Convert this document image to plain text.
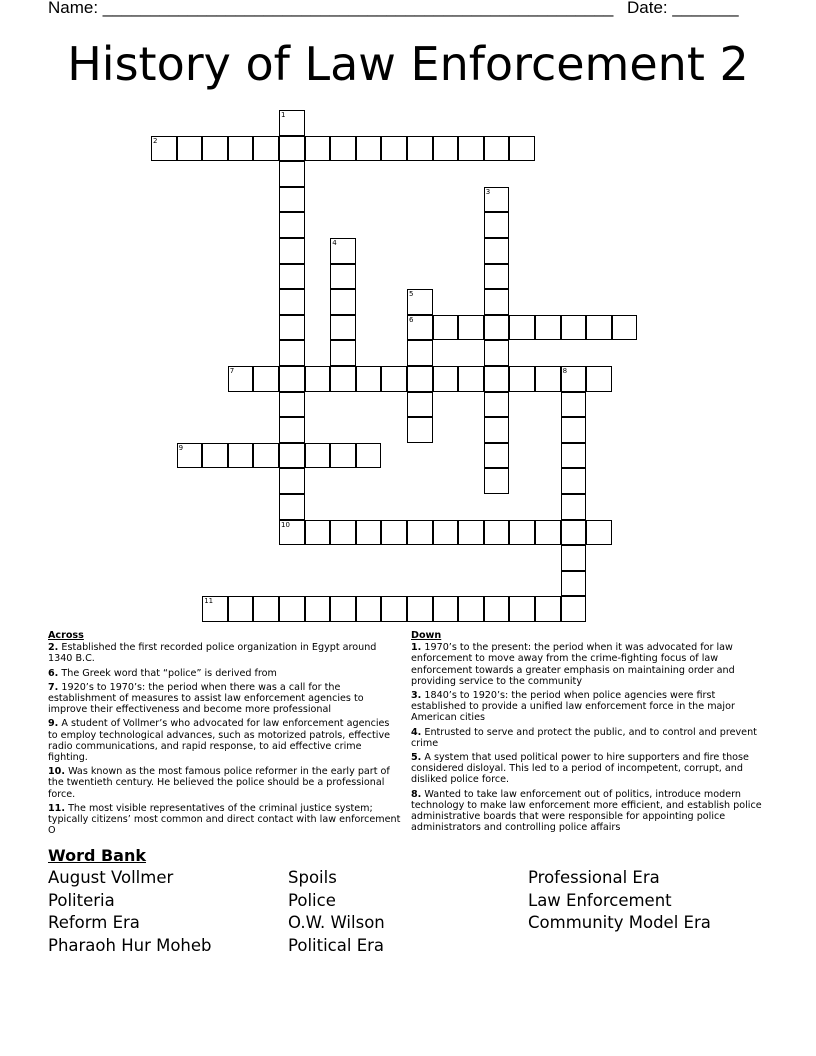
Name: ______________________________________________________ Date: _______
History of Law Enforcement 2
1
10
2
3
4
5
6
7	8
9
11
Across
2. Established the first recorded police organization in Egypt around 1340 B.C.
6. The Greek word that “police” is derived from
7. 1920’s to 1970’s: the period when there was a call for the establishment of measures to assist law enforcement agencies to improve their effectiveness and become more professional
9. A student of Vollmer’s who advocated for law enforcement agencies to employ technological advances, such as motorized patrols, effective radio communications, and rapid response, to aid effective crime fighting.
10. Was known as the most famous police reformer in the early part of the twentieth century. He believed the police should be a professional force.
11. The most visible representatives of the criminal justice system; typically citizens’ most common and direct contact with law enforcement O
Down
1. 1970’s to the present: the period when it was advocated for law enforcement to move away from the crime-fighting focus of law enforcement towards a greater emphasis on maintaining order and providing service to the community
3. 1840’s to 1920’s: the period when police agencies were first established to provide a unified law enforcement force in the major American cities
4. Entrusted to serve and protect the public, and to control and prevent crime
5. A system that used political power to hire supporters and fire those considered disloyal. This led to a period of incompetent, corrupt, and disliked police force.
8. Wanted to take law enforcement out of politics, introduce modern technology to make law enforcement more efficient, and establish police administrative boards that were responsible for appointing police administrators and controlling police affairs
Word Bank
August Vollmer
Politeria
Reform Era
Pharaoh Hur Moheb
Spoils
Police
O.W. Wilson
Political Era
Professional Era
Law Enforcement
Community Model Era
